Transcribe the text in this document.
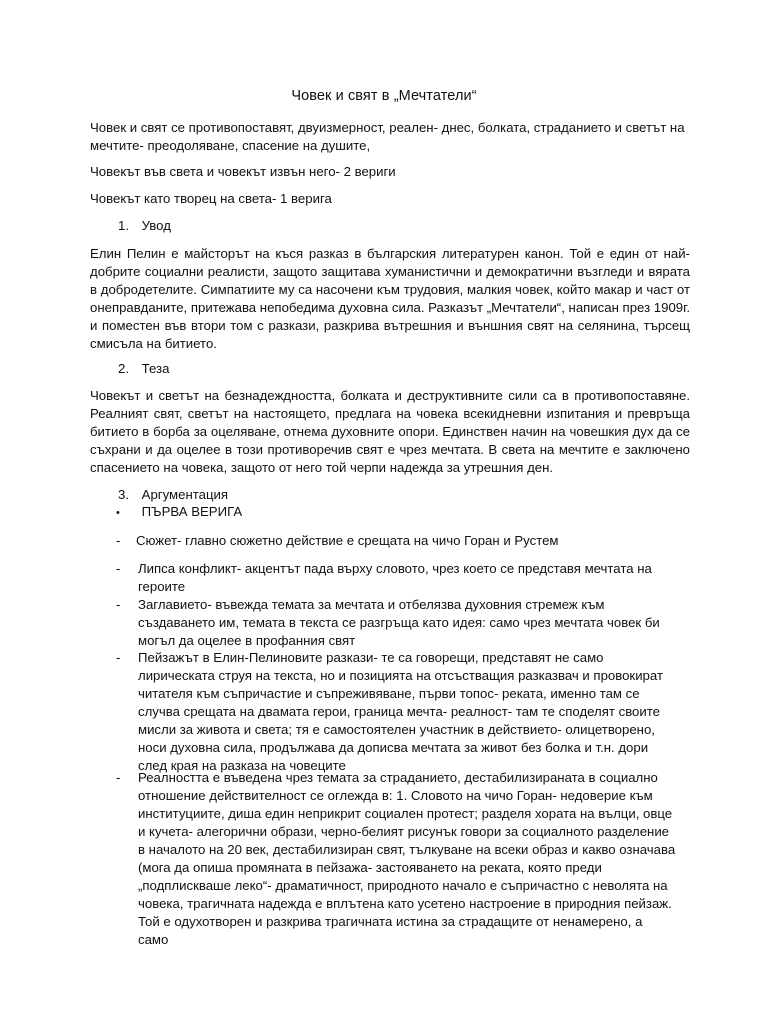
Човек и свят в „Мечтатели“

Човек и свят се противопоставят, двуизмерност, реален- днес, болката, страданието и светът на мечтите- преодоляване, спасение на душите,

Човекът във света и човекът извън него- 2 вериги

Човекът като творец на света- 1 верига

1. Увод

Елин Пелин е майсторът на къся разказ в българския литературен канон. Той е един от най-добрите социални реалисти, защото защитава хуманистични и демократични възгледи и вярата в добродетелите. Симпатиите му са насочени към трудовия, малкия човек, който макар и част от онеправданите, притежава непобедима духовна сила. Разказът „Мечтатели“, написан през 1909г. и поместен във втори том с разкази, разкрива вътрешния и външния свят на селянина, търсещ смисъла на битието.

2. Теза

Човекът и светът на безнадеждността, болката и деструктивните сили са в противопоставяне. Реалният свят, светът на настоящето, предлага на човека всекидневни изпитания и превръща битието в борба за оцеляване, отнема духовните опори. Единствен начин на човешкия дух да се съхрани и да оцелее в този противоречив свят е чрез мечтата. В света на мечтите е заключено спасението на човека, защото от него той черпи надежда за утрешния ден.

3. Аргументация
• ПЪРВА ВЕРИГА
- Сюжет- главно сюжетно действие е срещата на чичо Горан и Рустем
- Липса конфликт- акцентът пада върху словото, чрез което се представя мечтата на героите
- Заглавието- въвежда темата за мечтата и отбелязва духовния стремеж към създаването им, темата в текста се разгръща като идея: само чрез мечтата човек би могъл да оцелее в профанния свят
- Пейзажът в Елин-Пелиновите разкази- те са говорещи, представят не само лирическата струя на текста, но и позицията на отсъстващия разказвач и провокират читателя към съпричастие и съпреживяване, първи топос- реката, именно там се случва срещата на двамата герои, граница мечта- реалност- там те споделят своите мисли за живота и света; тя е самостоятелен участник в действието- олицетворено, носи духовна сила, продължава да дописва мечтата за живот без болка и т.н. дори след края на разказа на човеците
- Реалността е въведена чрез темата за страданието, дестабилизираната в социално отношение действителност се оглежда в: 1. Словото на чичо Горан- недоверие към институциите, диша един неприкрит социален протест; разделя хората на вълци, овце и кучета- алегорични образи, черно-белият рисунък говори за социалното разделение в началото на 20 век, дестабилизиран свят, тълкуване на всеки образ и какво означава (мога да опиша промяната в пейзажа- застояването на реката, която преди „подплискваше леко“- драматичност, природното начало е съпричастно с неволята на човека, трагичната надежда е вплътена като усетено настроение в природния пейзаж. Той е одухотворен и разкрива трагичната истина за страдащите от ненамерено, а само
